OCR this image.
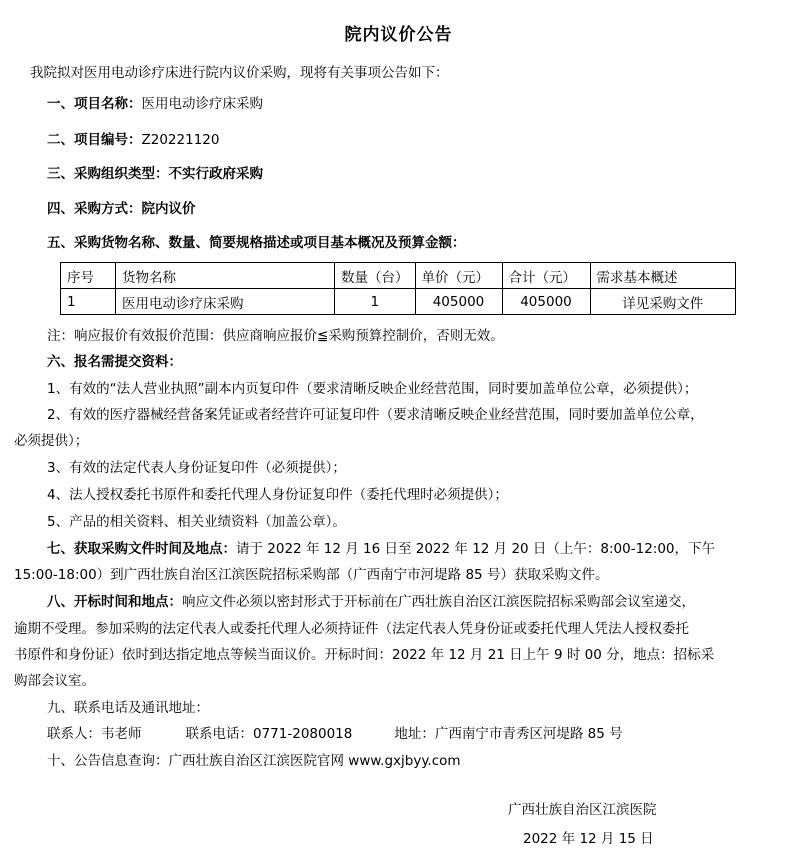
院内议价公告
我院拟对医用电动诊疗床进行院内议价采购，现将有关事项公告如下：
一、项目名称：医用电动诊疗床采购
二、项目编号：Z20221120
三、采购组织类型：不实行政府采购
四、采购方式：院内议价
五、采购货物名称、数量、简要规格描述或项目基本概况及预算金额：
序号	货物名称	数量（台）	单价（元）	合计（元）	需求基本概述
1	医用电动诊疗床采购	1	405000	405000	详见采购文件
注：响应报价有效报价范围：供应商响应报价≦采购预算控制价，否则无效。
六、报名需提交资料：
1、有效的“法人营业执照”副本内页复印件（要求清晰反映企业经营范围，同时要加盖单位公章，必须提供）；
2、有效的医疗器械经营备案凭证或者经营许可证复印件（要求清晰反映企业经营范围，同时要加盖单位公章，
必须提供）；
3、有效的法定代表人身份证复印件（必须提供）；
4、法人授权委托书原件和委托代理人身份证复印件（委托代理时必须提供）；
5、产品的相关资料、相关业绩资料（加盖公章）。
七、获取采购文件时间及地点：请于 2022 年 12 月 16 日至 2022 年 12 月 20 日（上午：8:00-12:00，下午
15:00-18:00）到广西壮族自治区江滨医院招标采购部（广西南宁市河堤路 85 号）获取采购文件。
八、开标时间和地点：响应文件必须以密封形式于开标前在广西壮族自治区江滨医院招标采购部会议室递交，
逾期不受理。参加采购的法定代表人或委托代理人必须持证件（法定代表人凭身份证或委托代理人凭法人授权委托
书原件和身份证）依时到达指定地点等候当面议价。开标时间：2022 年 12 月 21 日上午 9 时 00 分，地点：招标采
购部会议室。
九、联系电话及通讯地址：
联系人：韦老师	联系电话：0771-2080018	地址：广西南宁市青秀区河堤路 85 号
十、公告信息查询：广西壮族自治区江滨医院官网 www.gxjbyy.com
广西壮族自治区江滨医院
2022 年 12 月 15 日
